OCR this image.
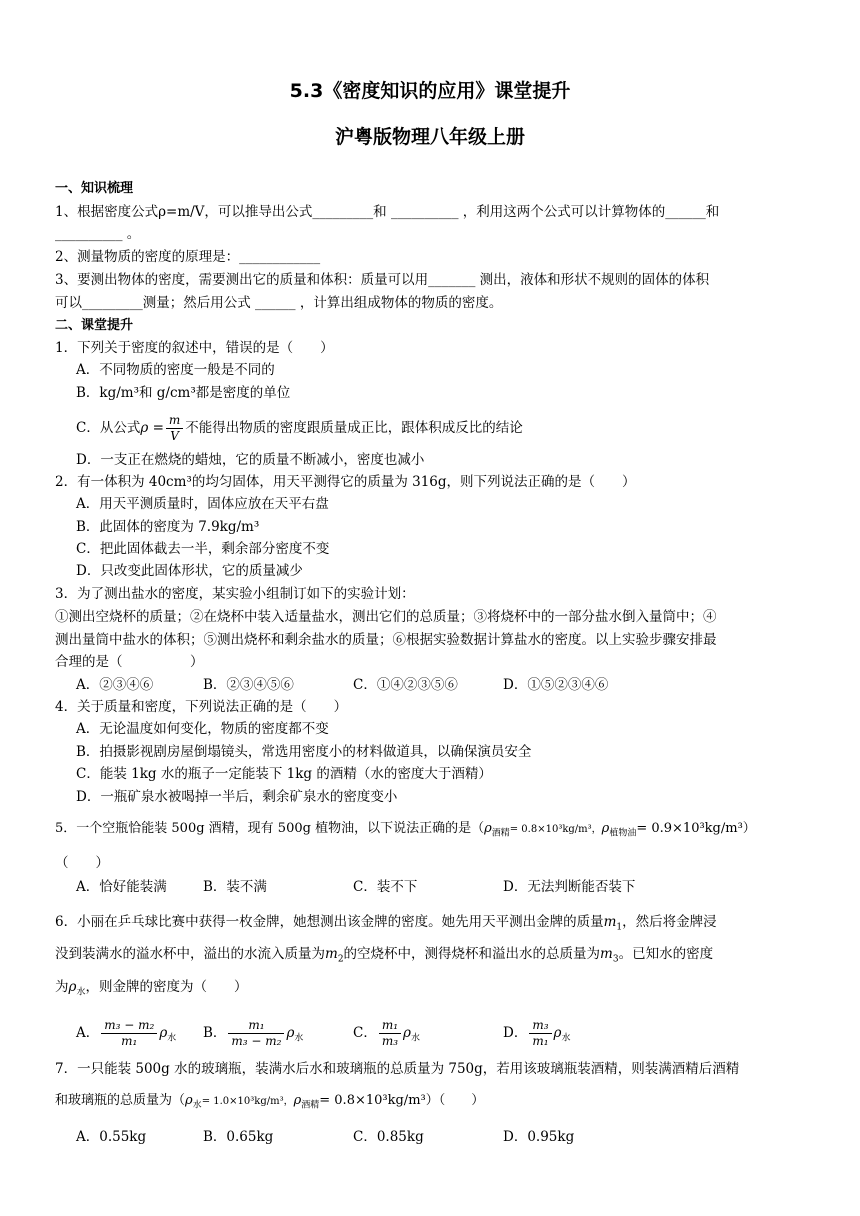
5.3《密度知识的应用》课堂提升
沪粤版物理八年级上册
一、知识梳理
1、根据密度公式ρ=m/V，可以推导出公式_________和 __________ ，利用这两个公式可以计算物体的______和
__________ 。
2、测量物质的密度的原理是：____________
3、要测出物体的密度，需要测出它的质量和体积：质量可以用_______ 测出，液体和形状不规则的固体的体积
可以_________测量；然后用公式 ______ ，计算出组成物体的物质的密度。
二、课堂提升
1．下列关于密度的叙述中，错误的是（　　）
A．不同物质的密度一般是不同的
B．kg/m³和 g/cm³都是密度的单位
C．从公式$\rho = \frac{m}{V}$ 不能得出物质的密度跟质量成正比，跟体积成反比的结论
D．一支正在燃烧的蜡烛，它的质量不断减小，密度也减小
2．有一体积为 40cm³的均匀固体，用天平测得它的质量为 316g，则下列说法正确的是（　　）
A．用天平测质量时，固体应放在天平右盘
B．此固体的密度为 7.9kg/m³
C．把此固体截去一半，剩余部分密度不变
D．只改变此固体形状，它的质量减少
3．为了测出盐水的密度，某实验小组制订如下的实验计划：
①测出空烧杯的质量；②在烧杯中装入适量盐水，测出它们的总质量；③将烧杯中的一部分盐水倒入量筒中；④
测出量筒中盐水的体积；⑤测出烧杯和剩余盐水的质量；⑥根据实验数据计算盐水的密度。以上实验步骤安排最
合理的是（　　　　　）
A．②③④⑥	B．②③④⑤⑥	C．①④②③⑤⑥	D．①⑤②③④⑥
4．关于质量和密度，下列说法正确的是（　　）
A．无论温度如何变化，物质的密度都不变
B．拍摄影视剧房屋倒塌镜头，常选用密度小的材料做道具，以确保演员安全
C．能装 1kg 水的瓶子一定能装下 1kg 的酒精（水的密度大于酒精）
D．一瓶矿泉水被喝掉一半后，剩余矿泉水的密度变小
5．一个空瓶恰能装 500g 酒精，现有 500g 植物油，以下说法正确的是（$\rho_{酒精}= 0.8\times 10^3kg/m^3$，$\rho_{植物油}= 0.9\times 10^3kg/m^3$）
（　　）
A．恰好能装满	B．装不满	C．装不下	D．无法判断能否装下
6．小丽在乒乓球比赛中获得一枚金牌，她想测出该金牌的密度。她先用天平测出金牌的质量$m_1$，然后将金牌浸
没到装满水的溢水杯中，溢出的水流入质量为$m_2$的空烧杯中，测得烧杯和溢出水的总质量为$m_3$。已知水的密度
为$\rho_水$，则金牌的密度为（　　）
A． $\frac{\text{m₃ − m₂}}{\text{m₁}} \rho_水$ B． $\frac{\text{m₁}}{\text{m₃ − m₂}} \rho_水$	C． $\frac{\text{m₁}}{\text{m₃}} \rho_水$	D． $\frac{\text{m₃}}{\text{m₁}} \rho_水$
7．一只能装 500g 水的玻璃瓶，装满水后水和玻璃瓶的总质量为 750g，若用该玻璃瓶装酒精，则装满酒精后酒精
和玻璃瓶的总质量为（$\rho_水= 1.0\times 10^3kg/m^3$，$\rho_{酒精}= 0.8\times 10^3kg/m^3$）（　　）
A．0.55kg	B．0.65kg	C．0.85kg	D．0.95kg
